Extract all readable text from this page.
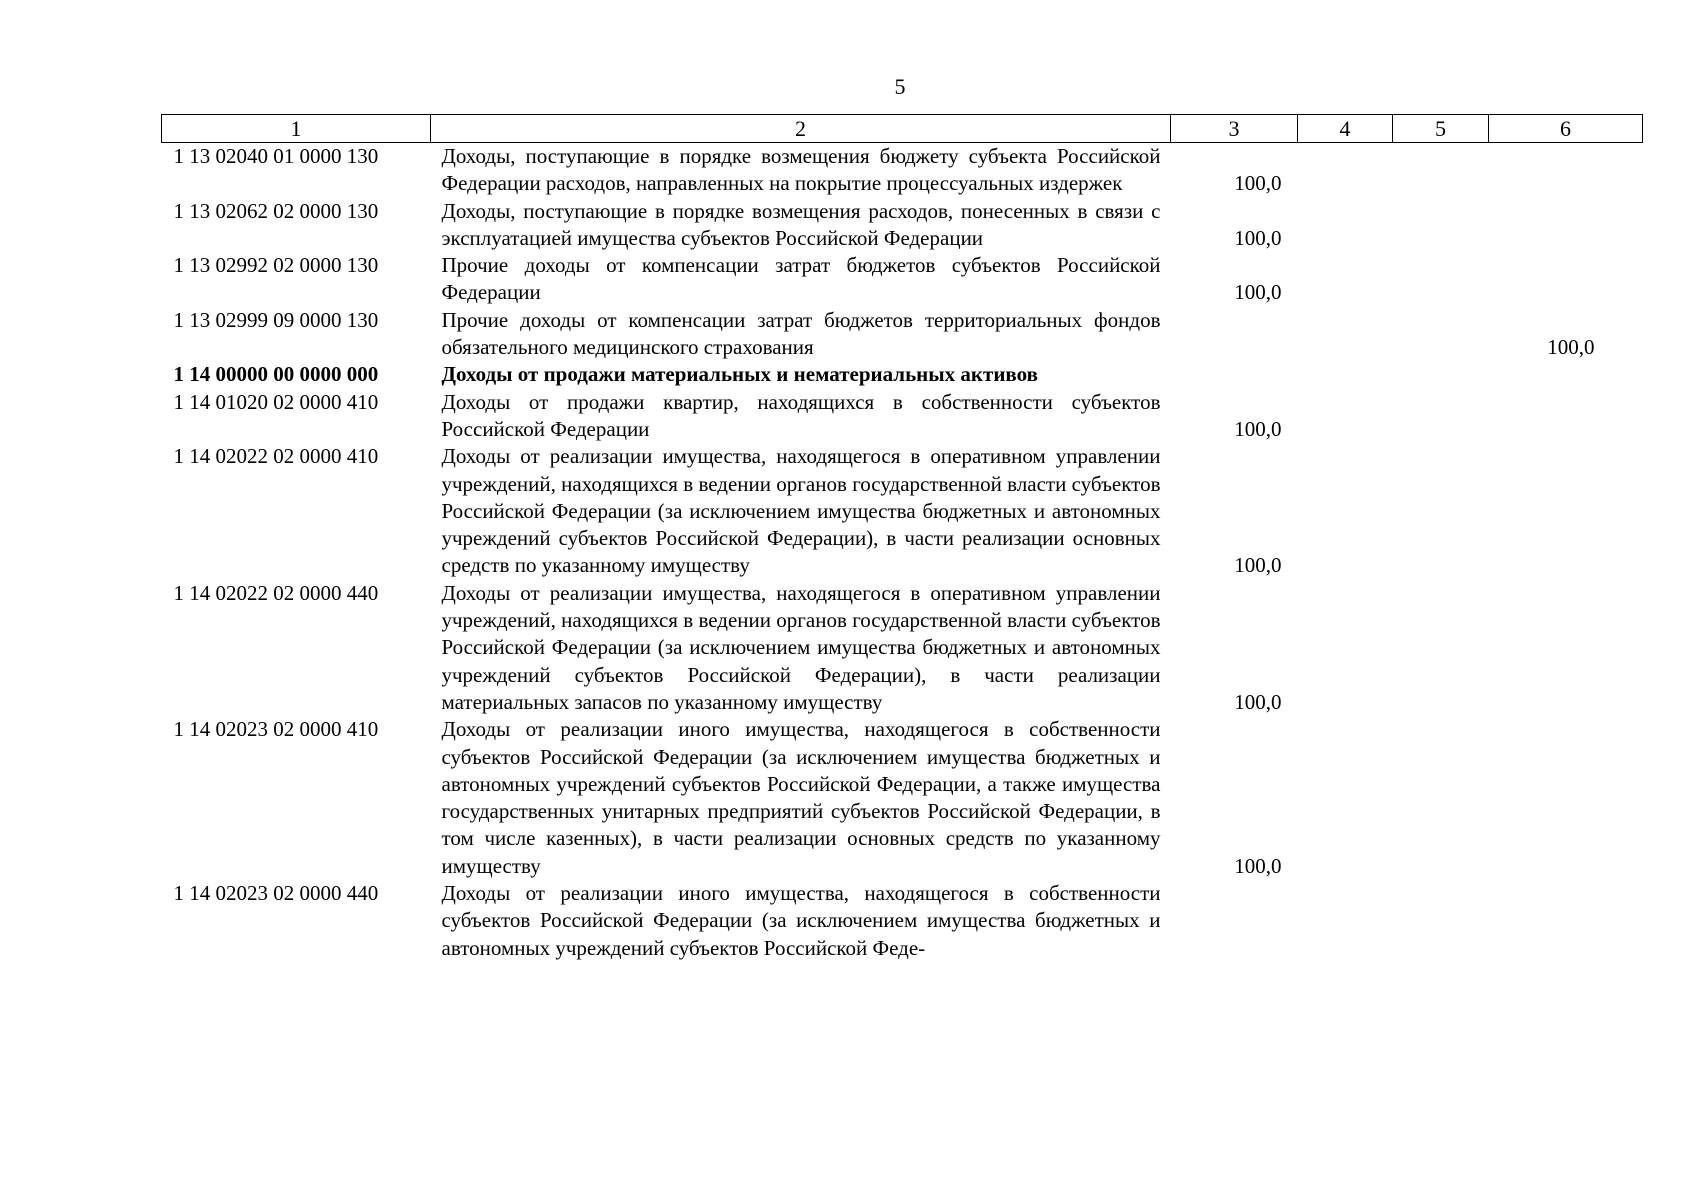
5
1	2	3	4	5	6
1 13 02040 01 0000 130	Доходы, поступающие в порядке возмещения бюджету субъекта Российской Федерации расходов, направленных на покрытие процессуальных издержек	100,0			
1 13 02062 02 0000 130	Доходы, поступающие в порядке возмещения расходов, понесенных в связи с эксплуатацией имущества субъектов Российской Федерации	100,0			
1 13 02992 02 0000 130	Прочие доходы от компенсации затрат бюджетов субъектов Российской Федерации	100,0			
1 13 02999 09 0000 130	Прочие доходы от компенсации затрат бюджетов территориальных фондов обязательного медицинского страхования				100,0
1 14 00000 00 0000 000	Доходы от продажи материальных и нематериальных активов				
1 14 01020 02 0000 410	Доходы от продажи квартир, находящихся в собственности субъектов Российской Федерации	100,0			
1 14 02022 02 0000 410	Доходы от реализации имущества, находящегося в оперативном управлении учреждений, находящихся в ведении органов государственной власти субъектов Российской Федерации (за исключением имущества бюджетных и автономных учреждений субъектов Российской Федерации), в части реализации основных средств по указанному имуществу	100,0			
1 14 02022 02 0000 440	Доходы от реализации имущества, находящегося в оперативном управлении учреждений, находящихся в ведении органов государственной власти субъектов Российской Федерации (за исключением имущества бюджетных и автономных учреждений субъектов Российской Федерации), в части реализации материальных запасов по указанному имуществу	100,0			
1 14 02023 02 0000 410	Доходы от реализации иного имущества, находящегося в собственности субъектов Российской Федерации (за исключением имущества бюджетных и автономных учреждений субъектов Российской Федерации, а также имущества государственных унитарных предприятий субъектов Российской Федерации, в том числе казенных), в части реализации основных средств по указанному имуществу	100,0			
1 14 02023 02 0000 440	Доходы от реализации иного имущества, находящегося в собственности субъектов Российской Федерации (за исключением имущества бюджетных и автономных учреждений субъектов Российской Феде-				
